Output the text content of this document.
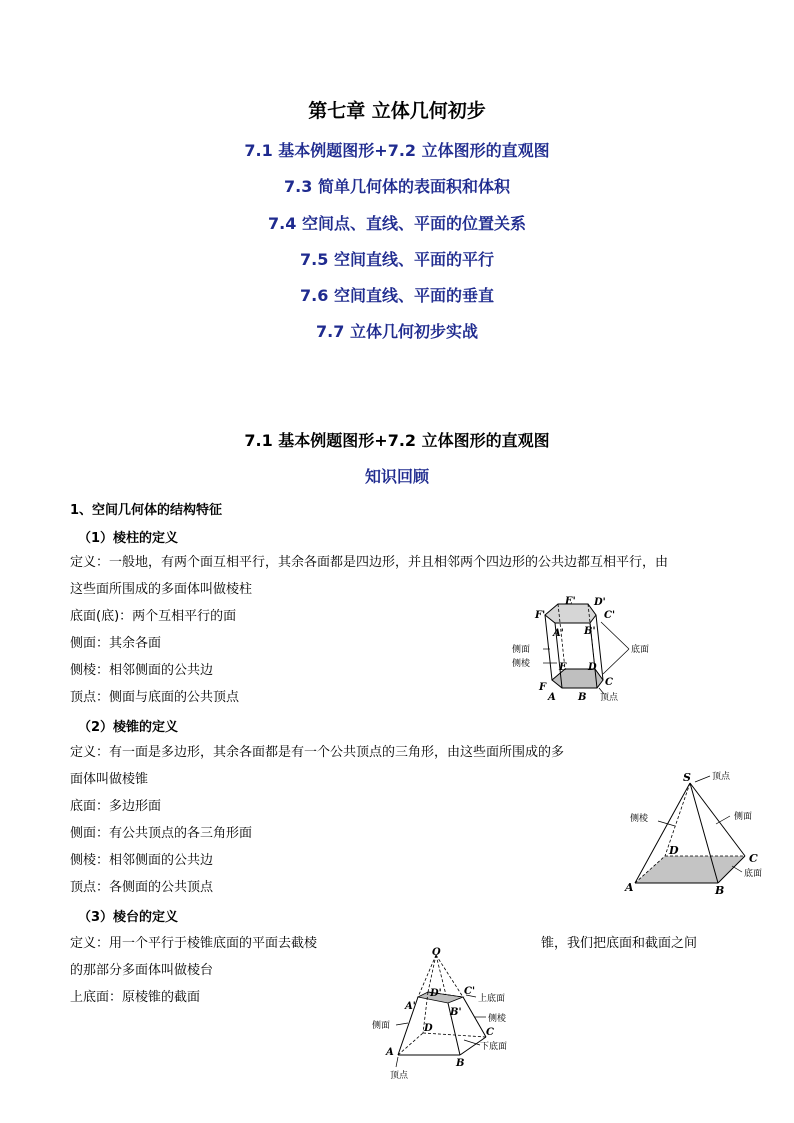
第七章 立体几何初步
7.1 基本例题图形+7.2 立体图形的直观图
7.3 简单几何体的表面积和体积
7.4 空间点、直线、平面的位置关系
7.5 空间直线、平面的平行
7.6 空间直线、平面的垂直
7.7 立体几何初步实战
7.1 基本例题图形+7.2 立体图形的直观图
知识回顾
1、空间几何体的结构特征
（1）棱柱的定义
定义：一般地，有两个面互相平行，其余各面都是四边形，并且相邻两个四边形的公共边都互相平行，由
这些面所围成的多面体叫做棱柱
底面(底)：两个互相平行的面
侧面：其余各面
侧棱：相邻侧面的公共边
顶点：侧面与底面的公共顶点
F'
E' D'
C'
A' B'
E D
C
F
A B
侧面
侧棱
底面
顶点
（2）棱锥的定义
定义：有一面是多边形，其余各面都是有一个公共顶点的三角形，由这些面所围成的多
面体叫做棱锥
底面：多边形面
侧面：有公共顶点的各三角形面
侧棱：相邻侧面的公共边
顶点：各侧面的公共顶点
S
D
C
A	B
顶点
侧棱	侧面
底面
（3）棱台的定义
定义：用一个平行于棱锥底面的平面去截棱	锥，我们把底面和截面之间
的那部分多面体叫做棱台
上底面：原棱锥的截面
O
D' C'
A'
B'
D	C
A
B
上底面
侧棱
侧面
下底面
顶点
